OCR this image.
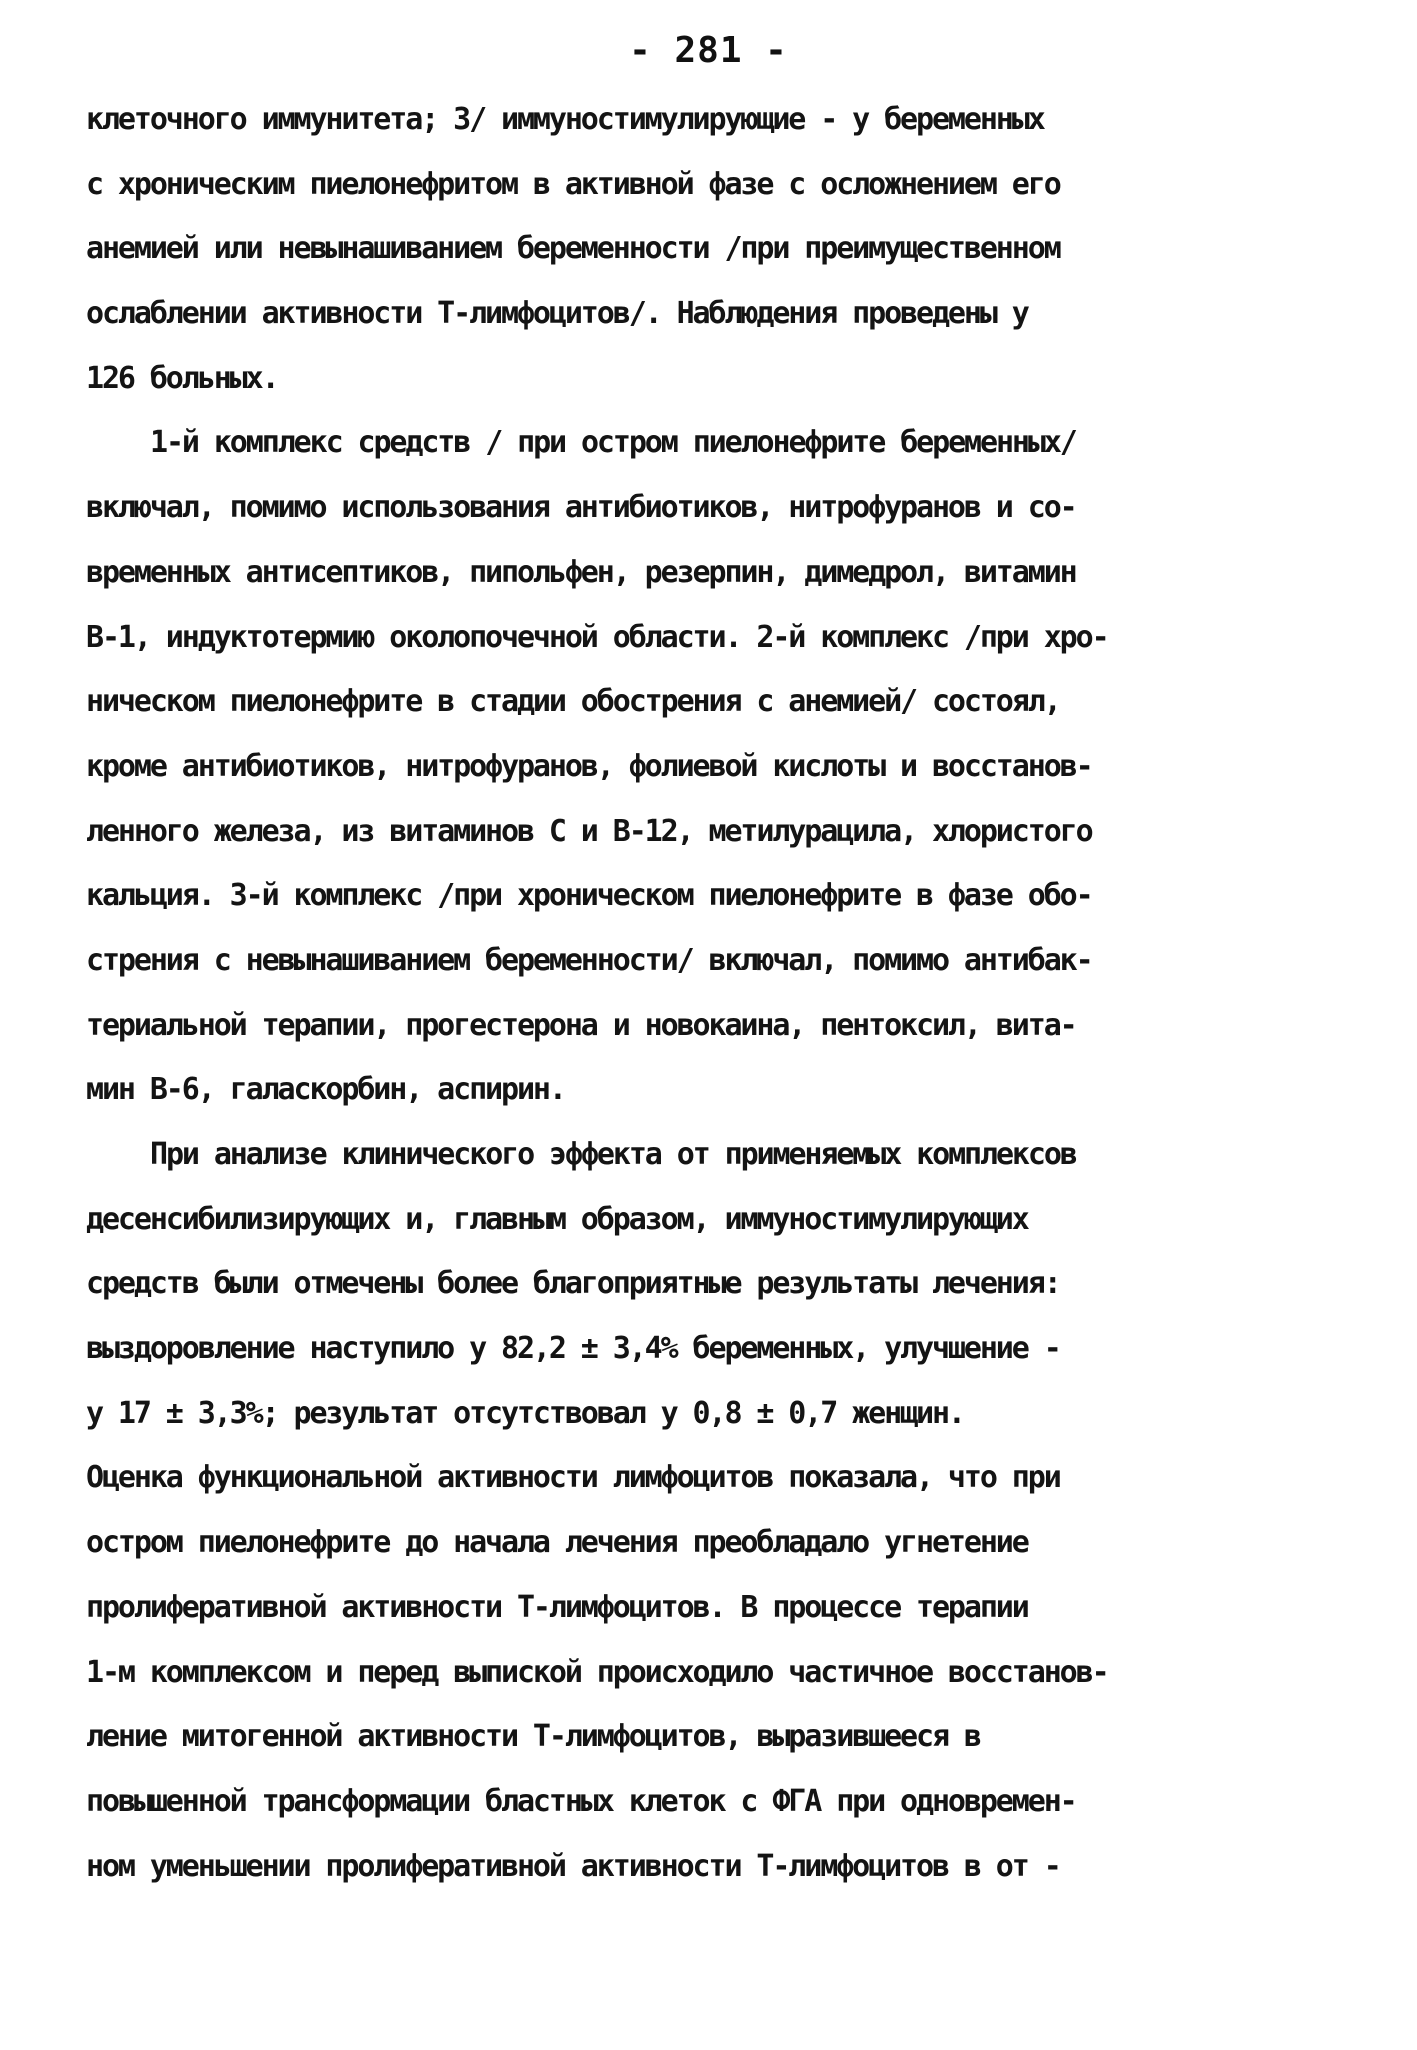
- 281 -
клеточного иммунитета; 3/ иммуностимулирующие - у беременных
с хроническим пиелонефритом в активной фазе с осложнением его
анемией или невынашиванием беременности /при преимущественном
ослаблении активности Т-лимфоцитов/. Наблюдения проведены у
126 больных.
1-й комплекс средств / при остром пиелонефрите беременных/
включал, помимо использования антибиотиков, нитрофуранов и со-
временных антисептиков, пипольфен, резерпин, димедрол, витамин
В-1, индуктотермию околопочечной области. 2-й комплекс /при хро-
ническом пиелонефрите в стадии обострения с анемией/ состоял,
кроме антибиотиков, нитрофуранов, фолиевой кислоты и восстанов-
ленного железа, из витаминов С и В-12, метилурацила, хлористого
кальция. 3-й комплекс /при хроническом пиелонефрите в фазе обо-
стрения с невынашиванием беременности/ включал, помимо антибак-
териальной терапии, прогестерона и новокаина, пентоксил, вита-
мин В-6, галаскорбин, аспирин.
При анализе клинического эффекта от применяемых комплексов
десенсибилизирующих и, главным образом, иммуностимулирующих
средств были отмечены более благоприятные результаты лечения:
выздоровление наступило у 82,2 ± 3,4% беременных, улучшение -
у 17 ± 3,3%; результат отсутствовал у 0,8 ± 0,7 женщин.
Оценка функциональной активности лимфоцитов показала, что при
остром пиелонефрите до начала лечения преобладало угнетение
пролиферативной активности Т-лимфоцитов. В процессе терапии
1-м комплексом и перед выпиской происходило частичное восстанов-
ление митогенной активности Т-лимфоцитов, выразившееся в
повышенной трансформации бластных клеток с ФГА при одновремен-
ном уменьшении пролиферативной активности Т-лимфоцитов в от -
